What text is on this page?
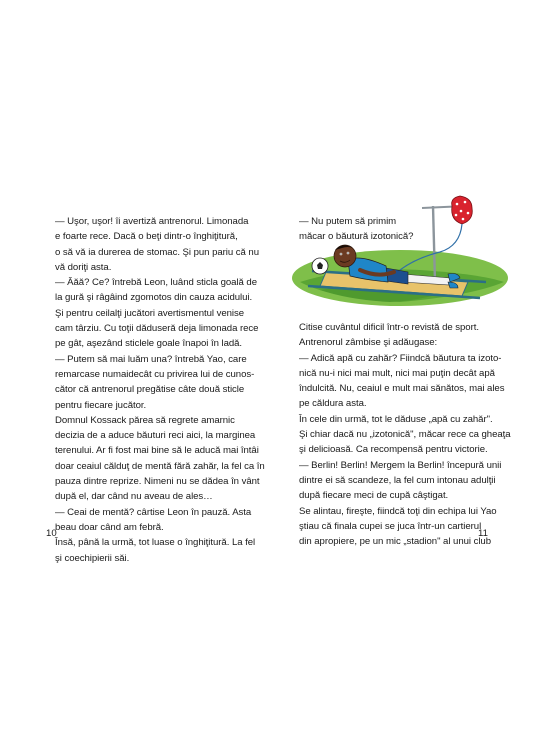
— Uşor, uşor! îi avertiză antrenorul. Limonada

e foarte rece. Dacă o beţi dintr-o înghiţitură,

o să vă ia durerea de stomac. Şi pun pariu că nu

vă doriţi asta.

— Ăăă? Ce? întrebă Leon, luând sticla goală de

la gură şi râgâind zgomotos din cauza acidului.

Şi pentru ceilalţi jucători avertismentul venise

cam târziu. Cu toţii dăduseră deja limonada rece

pe gât, aşezând sticlele goale înapoi în ladă.

— Putem să mai luăm una? întrebă Yao, care

remarcase numaidecât cu privirea lui de cunos-

cător că antrenorul pregătise câte două sticle

pentru fiecare jucător.

Domnul Kossack părea să regrete amarnic

decizia de a aduce băuturi reci aici, la marginea

terenului. Ar fi fost mai bine să le aducă mai întâi

doar ceaiul călduţ de mentă fără zahăr, la fel ca în

pauza dintre reprize. Nimeni nu se dădea în vânt

după el, dar când nu aveau de ales…

— Ceai de mentă? cârtise Leon în pauză. Asta

beau doar când am febră.

Însă, până la urmă, tot luase o înghiţitură. La fel

şi coechipierii săi.

10

— Nu putem să primim

măcar o băutură izotonică?

Citise cuvântul dificil într-o revistă de sport.

Antrenorul zâmbise şi adăugase:

— Adică apă cu zahăr? Fiindcă băutura ta izoto-

nică nu-i nici mai mult, nici mai puţin decât apă

îndulcită. Nu, ceaiul e mult mai sănătos, mai ales

pe căldura asta.

În cele din urmă, tot le dăduse „apă cu zahăr".

Şi chiar dacă nu „izotonică", măcar rece ca gheaţa

şi delicioasă. Ca recompensă pentru victorie.

— Berlin! Berlin! Mergem la Berlin! începură unii

dintre ei să scandeze, la fel cum intonau adulţii

după fiecare meci de cupă câştigat.

Se alintau, fireşte, fiindcă toţi din echipa lui Yao

ştiau că finala cupei se juca într-un cartierul

din apropiere, pe un mic „stadion" al unui club

11
